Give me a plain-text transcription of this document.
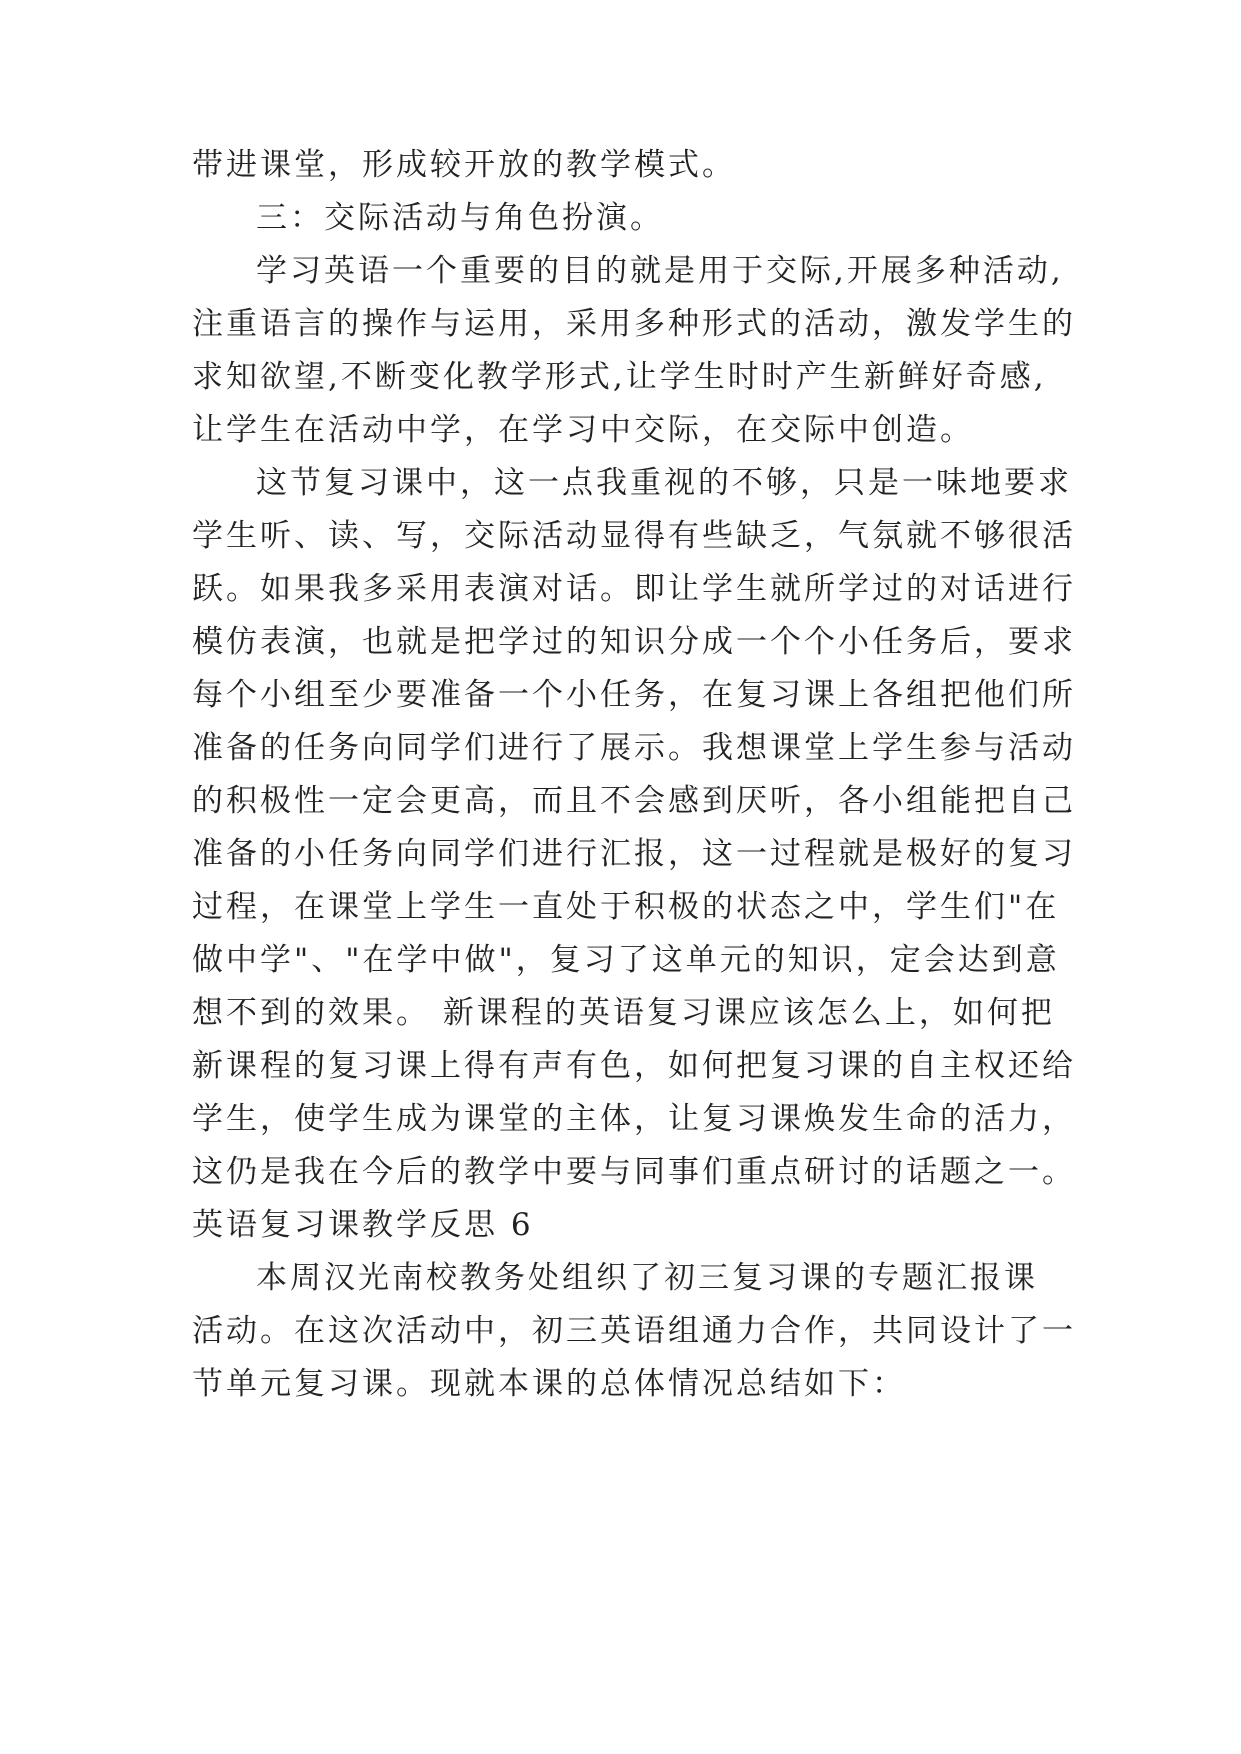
带进课堂，形成较开放的教学模式。
三：交际活动与角色扮演。
学习英语一个重要的目的就是用于交际,开展多种活动,
注重语言的操作与运用，采用多种形式的活动，激发学生的
求知欲望,不断变化教学形式,让学生时时产生新鲜好奇感,
让学生在活动中学，在学习中交际，在交际中创造。
这节复习课中，这一点我重视的不够，只是一味地要求
学生听、读、写，交际活动显得有些缺乏，气氛就不够很活
跃。如果我多采用表演对话。即让学生就所学过的对话进行
模仿表演，也就是把学过的知识分成一个个小任务后，要求
每个小组至少要准备一个小任务，在复习课上各组把他们所
准备的任务向同学们进行了展示。我想课堂上学生参与活动
的积极性一定会更高，而且不会感到厌听，各小组能把自己
准备的小任务向同学们进行汇报，这一过程就是极好的复习
过程，在课堂上学生一直处于积极的状态之中，学生们"在
做中学"、"在学中做"，复习了这单元的知识，定会达到意
想不到的效果。 新课程的英语复习课应该怎么上，如何把
新课程的复习课上得有声有色，如何把复习课的自主权还给
学生，使学生成为课堂的主体，让复习课焕发生命的活力，
这仍是我在今后的教学中要与同事们重点研讨的话题之一。
英语复习课教学反思 6
本周汉光南校教务处组织了初三复习课的专题汇报课
活动。在这次活动中，初三英语组通力合作，共同设计了一
节单元复习课。现就本课的总体情况总结如下：
